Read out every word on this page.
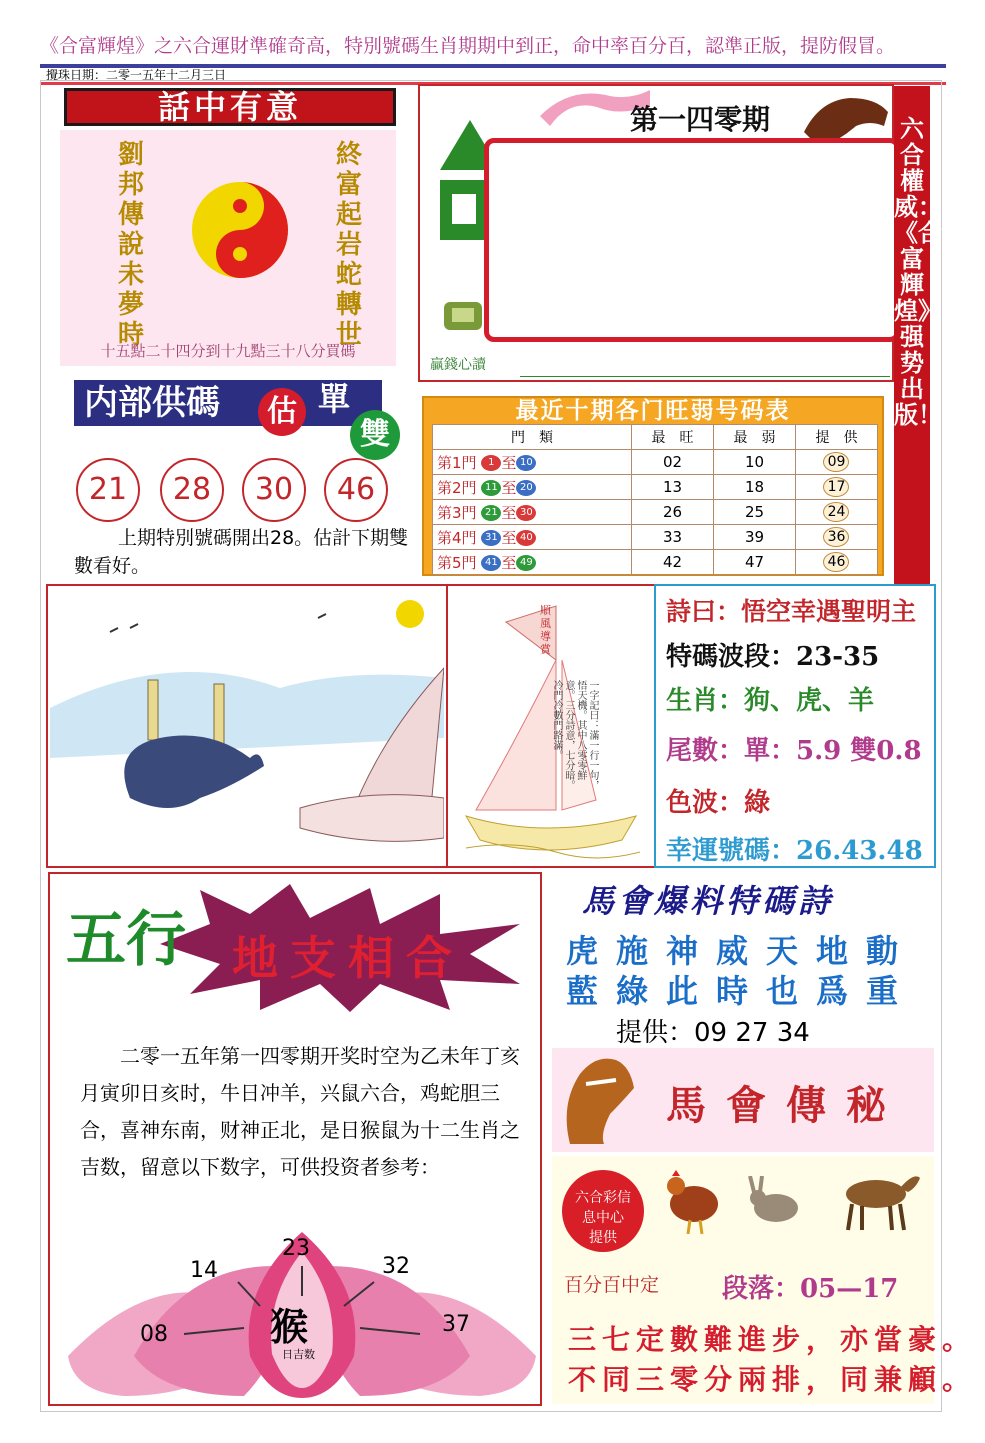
《合富輝煌》之六合運財準確奇高，特別號碼生肖期期中到正，命中率百分百，認準正版，提防假冒。
攪珠日期：二零一五年十二月三日
話中有意
劉邦傳說未夢時
終富起岩蛇轉世
十五點二十四分到十九點三十八分買碼
内部供碼	估 單
雙
21	28	30	46
上期特別號碼開出28。估計下期雙數看好。
第一四零期
贏錢心讀
六合權威：《合富輝煌》强势出版！
最近十期各门旺弱号码表
門　類	最　旺	最　弱	提　供
第1門 1 至 10	02	10	09
第2門 11 至 20	13	18	17
第3門 21 至 30	26	25	24
第4門 31 至 40	33	39	36
第5門 41 至 49	42	47	46
順風導賞
一字記曰：滿一行一句，悟天機。其中八零零鮮意。三分詩意，七分暗。冷門冷數門路滿。
詩曰：悟空幸遇聖明主
特碼波段：23-35
生肖：狗、虎、羊
尾數：單：5.9 雙0.8
色波：綠
幸運號碼：26.43.48
五行 地支相合
二零一五年第一四零期开奖时空为乙未年丁亥月寅卯日亥时，牛日冲羊，兴鼠六合，鸡蛇胆三合，喜神东南，财神正北，是日猴鼠为十二生肖之吉数，留意以下数字，可供投资者参考：
23
14	32
08	37
猴
日吉数
馬會爆料特碼詩
虎施神威天地動
藍綠此時也爲重
提供：09 27 34
馬會傳秘
六合彩信息中心 提供
百分百中定 段落：05—17
三七定數難進步，亦當豪。
不同三零分兩排，同兼顧。
